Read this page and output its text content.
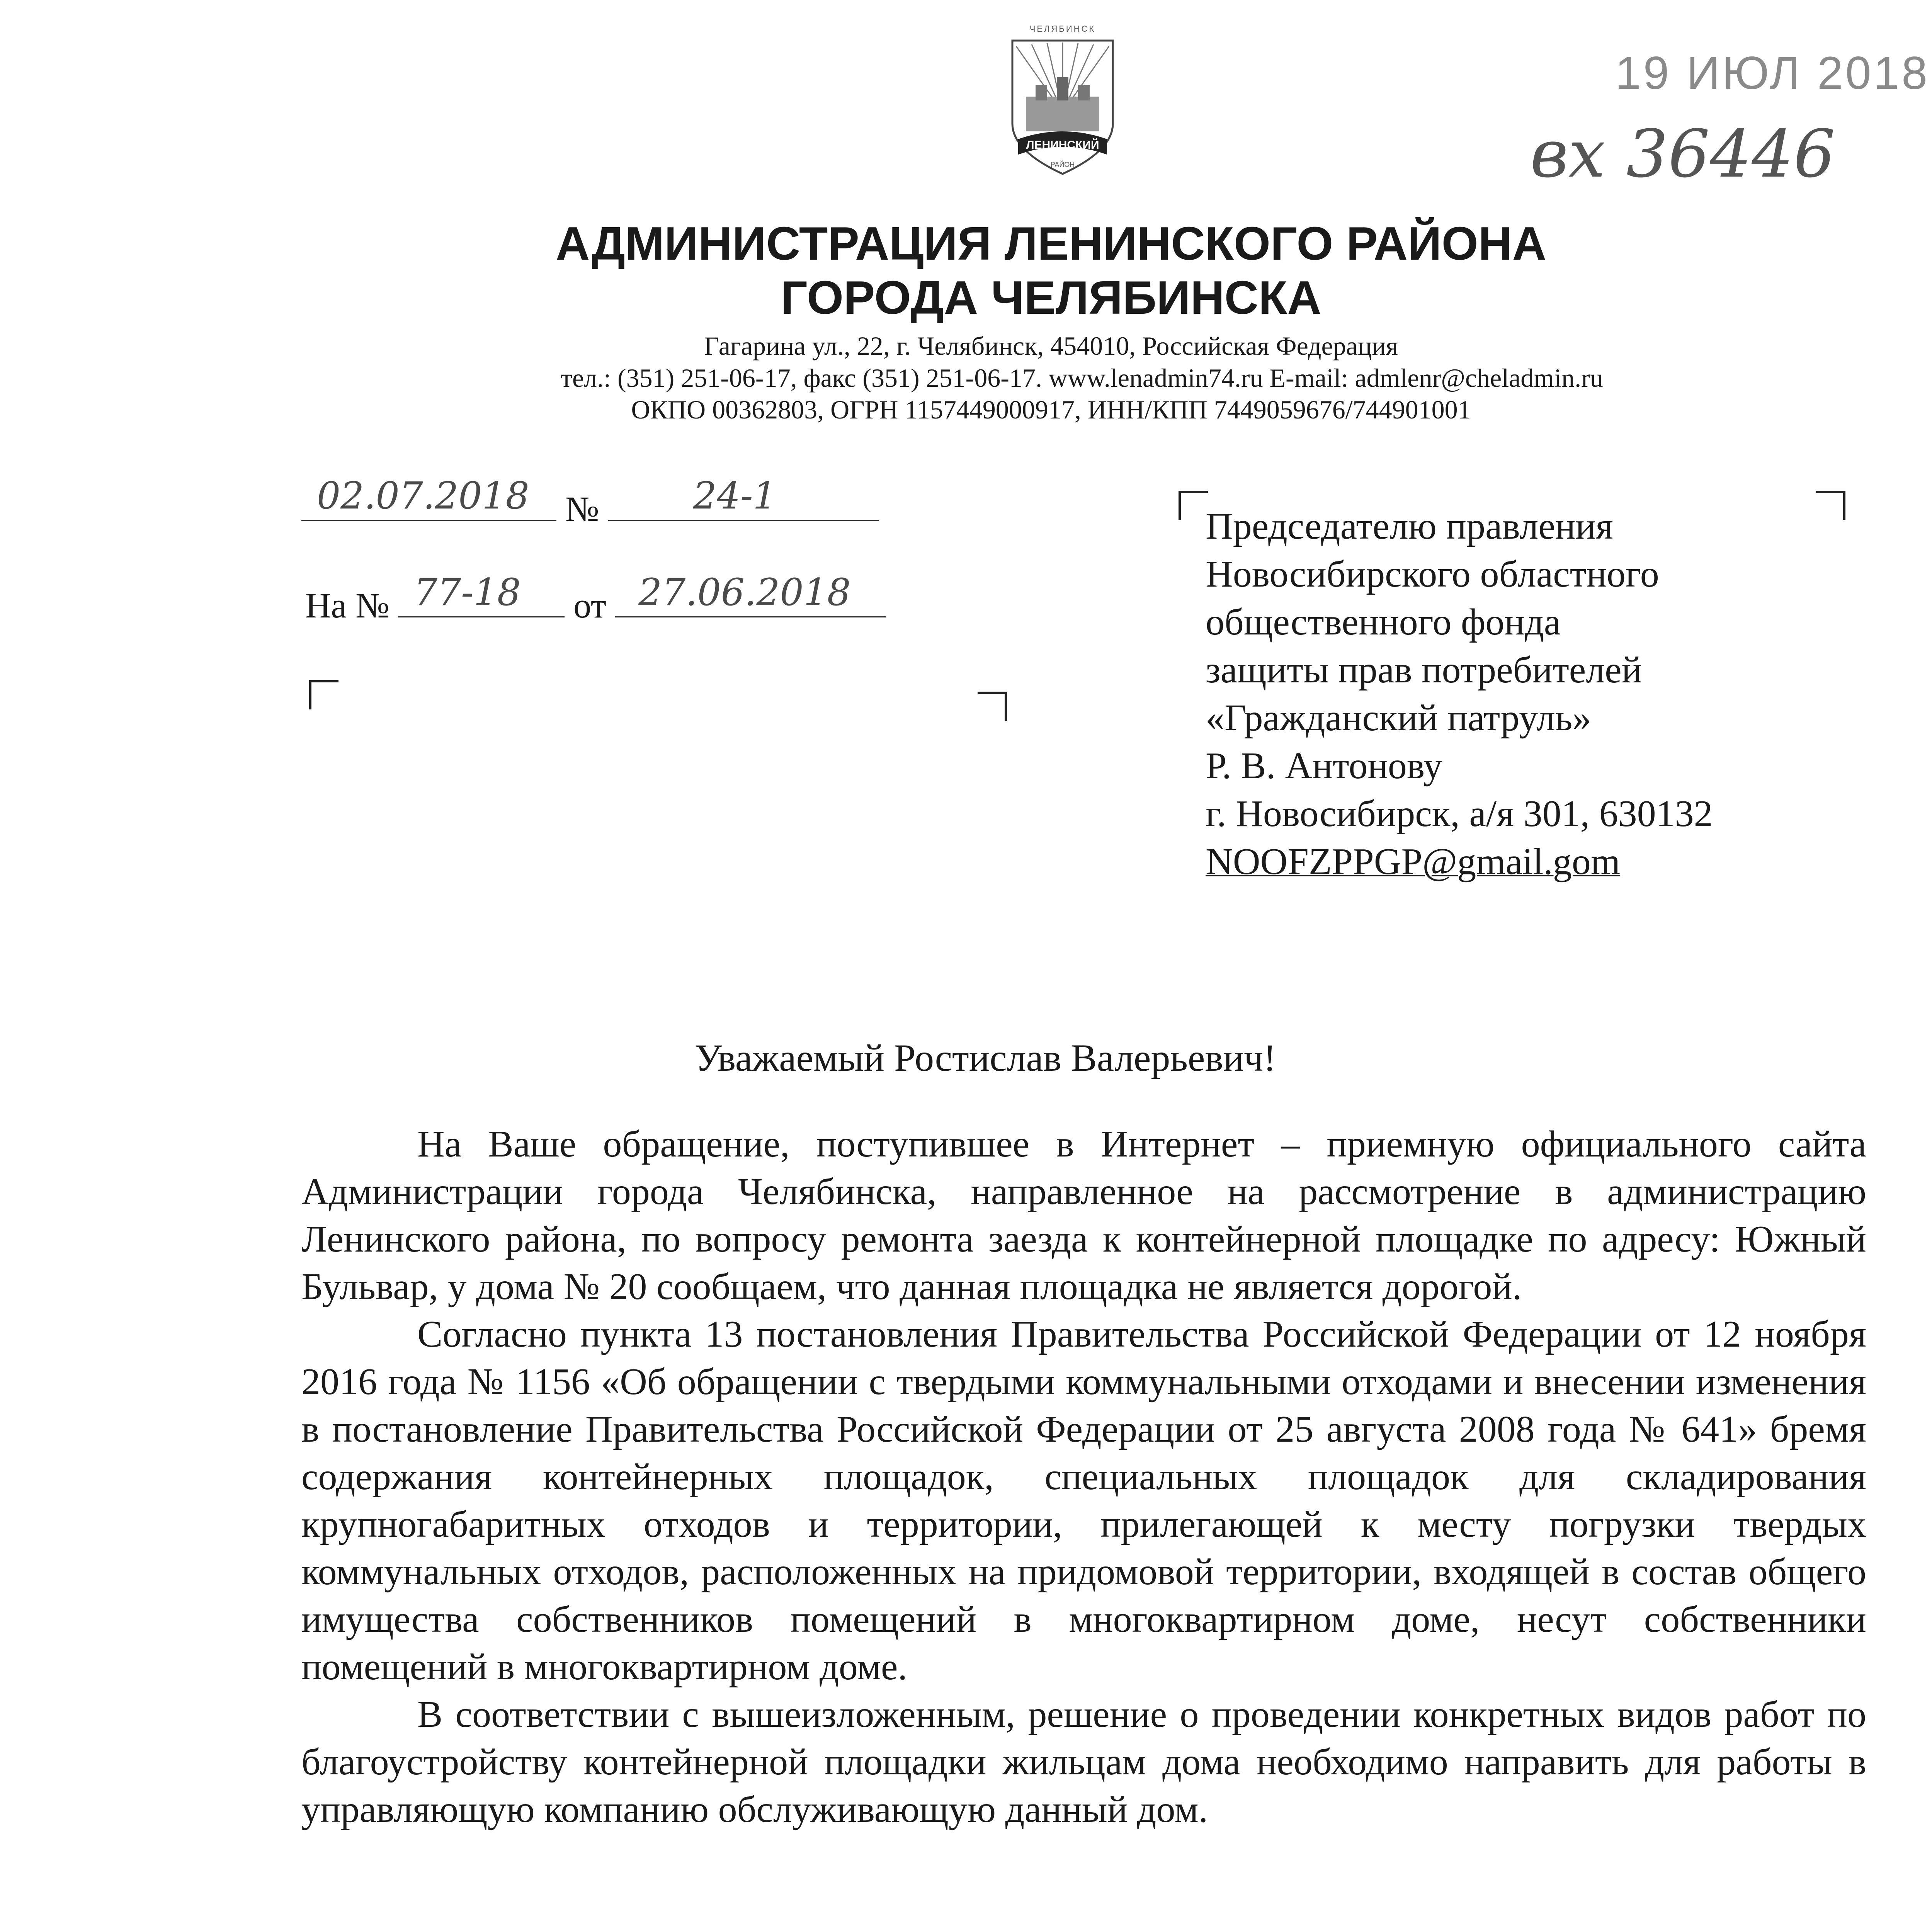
ЧЕЛЯБИНСК
ЛЕНИНСКИЙ
РАЙОН
19 ИЮЛ 2018
вх 36446
АДМИНИСТРАЦИЯ ЛЕНИНСКОГО РАЙОНА
ГОРОДА ЧЕЛЯБИНСКА
Гагарина ул., 22, г. Челябинск, 454010, Российская Федерация
тел.: (351) 251-06-17, факс (351) 251-06-17. www.lenadmin74.ru E-mail: admlenr@cheladmin.ru
ОКПО 00362803, ОГРН 1157449000917, ИНН/КПП 7449059676/744901001
02.07.2018 №	24-1
На № 77-18 от 27.06.2018
Председателю правления
Новосибирского областного
общественного фонда
защиты прав потребителей
«Гражданский патруль»
Р. В. Антонову
г. Новосибирск, а/я 301, 630132
NOOFZPPGP@gmail.gom
Уважаемый Ростислав Валерьевич!

На Ваше обращение, поступившее в Интернет – приемную официального сайта Администрации города Челябинска, направленное на рассмотрение в администрацию Ленинского района, по вопросу ремонта заезда к контейнерной площадке по адресу: Южный Бульвар, у дома № 20 сообщаем, что данная площадка не является дорогой.

Согласно пункта 13 постановления Правительства Российской Федерации от 12 ноября 2016 года № 1156 «Об обращении с твердыми коммунальными отходами и внесении изменения в постановление Правительства Российской Федерации от 25 августа 2008 года № 641» бремя содержания контейнерных площадок, специальных площадок для складирования крупногабаритных отходов и территории, прилегающей к месту погрузки твердых коммунальных отходов, расположенных на придомовой территории, входящей в состав общего имущества собственников помещений в многоквартирном доме, несут собственники помещений в многоквартирном доме.

В соответствии с вышеизложенным, решение о проведении конкретных видов работ по благоустройству контейнерной площадки жильцам дома необходимо направить для работы в управляющую компанию обслуживающую данный дом.
